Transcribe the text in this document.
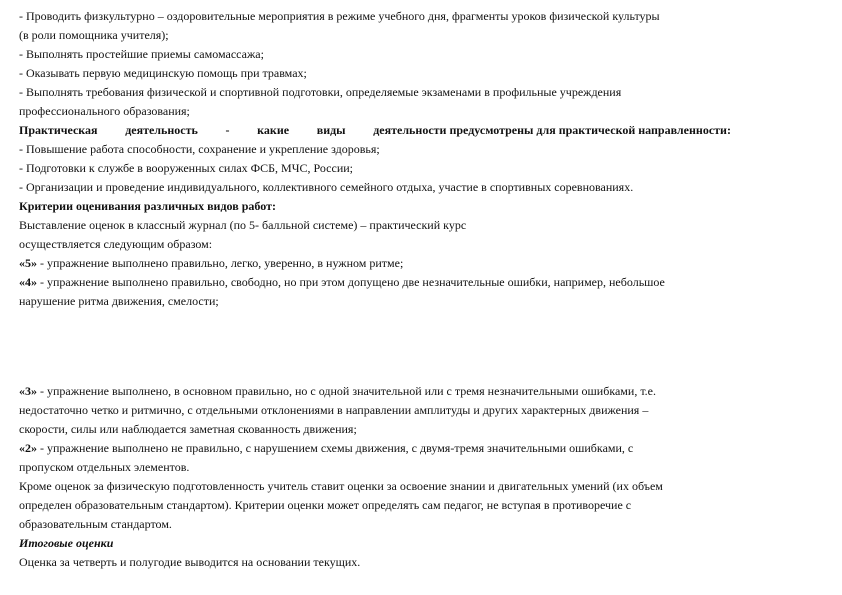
- Проводить физкультурно – оздоровительные мероприятия в режиме учебного дня, фрагменты уроков физической культуры

(в роли помощника учителя);

- Выполнять простейшие приемы самомассажа;

- Оказывать первую медицинскую помощь при травмах;

- Выполнять требования физической и спортивной подготовки, определяемые экзаменами в профильные учреждения

профессионального образования;

Практическая деятельность - какие виды деятельности предусмотрены для практической направленности:

- Повышение работа способности, сохранение и укрепление здоровья;

- Подготовки к службе в вооруженных силах ФСБ, МЧС, России;

- Организации и проведение индивидуального, коллективного семейного отдыха, участие в спортивных соревнованиях.

Критерии оценивания различных видов работ:

Выставление оценок в классный журнал (по 5- балльной системе) – практический курс

осуществляется следующим образом:

«5» - упражнение выполнено правильно, легко, уверенно, в нужном ритме;

«4» - упражнение выполнено правильно, свободно, но при этом допущено две незначительные ошибки, например, небольшое

нарушение ритма движения, смелости;

«3» - упражнение выполнено, в основном правильно, но с одной значительной или с тремя незначительными ошибками, т.е.

недостаточно четко и ритмично, с отдельными отклонениями в направлении амплитуды и других характерных движения –

скорости, силы или наблюдается заметная скованность движения;

«2» - упражнение выполнено не правильно, с нарушением схемы движения, с двумя-тремя значительными ошибками, с

пропуском отдельных элементов.

Кроме оценок за физическую подготовленность учитель ставит оценки за освоение знании и двигательных умений (их объем

определен образовательным стандартом). Критерии оценки может определять сам педагог, не вступая в противоречие с

образовательным стандартом.

Итоговые оценки

Оценка за четверть и полугодие выводится на основании текущих.
